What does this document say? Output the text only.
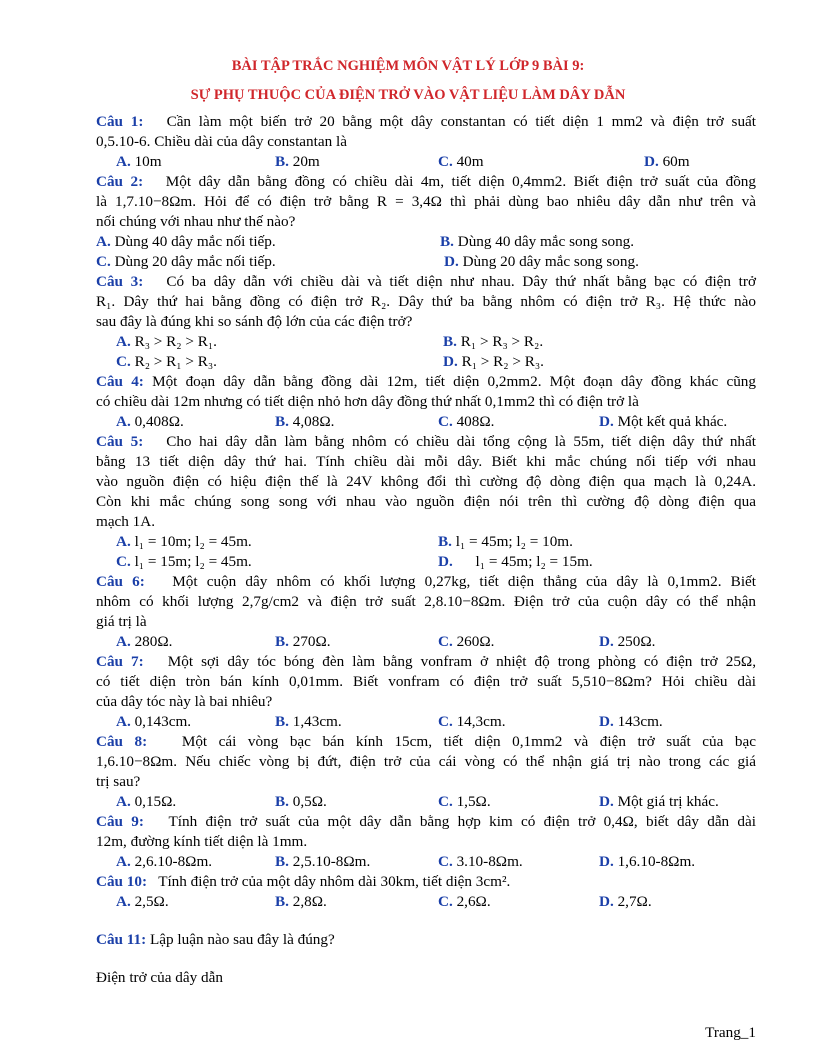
BÀI TẬP TRẮC NGHIỆM MÔN VẬT LÝ LỚP 9 BÀI 9:
SỰ PHỤ THUỘC CỦA ĐIỆN TRỞ VÀO VẬT LIỆU LÀM DÂY DẪN
Câu 1: Cần làm một biến trở 20 bằng một dây constantan có tiết diện 1 mm2 và điện trở suất
0,5.10-6. Chiều dài của dây constantan là
A. 10m	B. 20m	C. 40m	D. 60m
Câu 2: Một dây dẫn bằng đồng có chiều dài 4m, tiết diện 0,4mm2. Biết điện trở suất của đồng
là 1,7.10−8Ωm. Hỏi để có điện trở bằng R = 3,4Ω thì phải dùng bao nhiêu dây dẫn như trên và
nối chúng với nhau như thế nào?
A. Dùng 40 dây mắc nối tiếp.	B. Dùng 40 dây mắc song song.
C. Dùng 20 dây mắc nối tiếp.	D. Dùng 20 dây mắc song song.
Câu 3: Có ba dây dẫn với chiều dài và tiết diện như nhau. Dây thứ nhất bằng bạc có điện trở
R₁. Dây thứ hai bằng đồng có điện trở R₂. Dây thứ ba bằng nhôm có điện trở R₃. Hệ thức nào
sau đây là đúng khi so sánh độ lớn của các điện trở?
A. R₃ > R₂ > R₁.	B. R₁ > R₃ > R₂.
C. R₂ > R₁ > R₃.	D. R₁ > R₂ > R₃.
Câu 4: Một đoạn dây dẫn bằng đồng dài 12m, tiết diện 0,2mm2. Một đoạn dây đồng khác cũng
có chiều dài 12m nhưng có tiết diện nhỏ hơn dây đồng thứ nhất 0,1mm2 thì có điện trở là
A. 0,408Ω.	B. 4,08Ω.	C. 408Ω.	D. Một kết quả khác.
Câu 5: Cho hai dây dẫn làm bằng nhôm có chiều dài tổng cộng là 55m, tiết diện dây thứ nhất
bằng 13 tiết diện dây thứ hai. Tính chiều dài mỗi dây. Biết khi mắc chúng nối tiếp với nhau
vào nguồn điện có hiệu điện thế là 24V không đổi thì cường độ dòng điện qua mạch là 0,24A.
Còn khi mắc chúng song song với nhau vào nguồn điện nói trên thì cường độ dòng điện qua
mạch 1A.
A. l₁ = 10m; l₂ = 45m.	B. l₁ = 45m; l₂ = 10m.
C. l₁ = 15m; l₂ = 45m.	D. l₁ = 45m; l₂ = 15m.
Câu 6: Một cuộn dây nhôm có khối lượng 0,27kg, tiết diện thẳng của dây là 0,1mm2. Biết
nhôm có khối lượng 2,7g/cm2 và điện trở suất 2,8.10−8Ωm. Điện trở của cuộn dây có thể nhận
giá trị là
A. 280Ω.	B. 270Ω.	C. 260Ω.	D. 250Ω.
Câu 7: Một sợi dây tóc bóng đèn làm bằng vonfram ở nhiệt độ trong phòng có điện trở 25Ω,
có tiết diện tròn bán kính 0,01mm. Biết vonfram có điện trở suất 5,510−8Ωm? Hỏi chiều dài
của dây tóc này là bai nhiêu?
A. 0,143cm.	B. 1,43cm.	C. 14,3cm.	D. 143cm.
Câu 8: Một cái vòng bạc bán kính 15cm, tiết diện 0,1mm2 và điện trở suất của bạc
1,6.10−8Ωm. Nếu chiếc vòng bị đứt, điện trở của cái vòng có thể nhận giá trị nào trong các giá
trị sau?
A. 0,15Ω.	B. 0,5Ω.	C. 1,5Ω.	D. Một giá trị khác.
Câu 9: Tính điện trở suất của một dây dẫn bằng hợp kim có điện trở 0,4Ω, biết dây dẫn dài
12m, đường kính tiết diện là 1mm.
A. 2,6.10-8Ωm.	B. 2,5.10-8Ωm.	C. 3.10-8Ωm.	D. 1,6.10-8Ωm.
Câu 10: Tính điện trở của một dây nhôm dài 30km, tiết diện 3cm².
A. 2,5Ω.	B. 2,8Ω.	C. 2,6Ω.	D. 2,7Ω.
Câu 11: Lập luận nào sau đây là đúng?
Điện trở của dây dẫn
Trang_1
